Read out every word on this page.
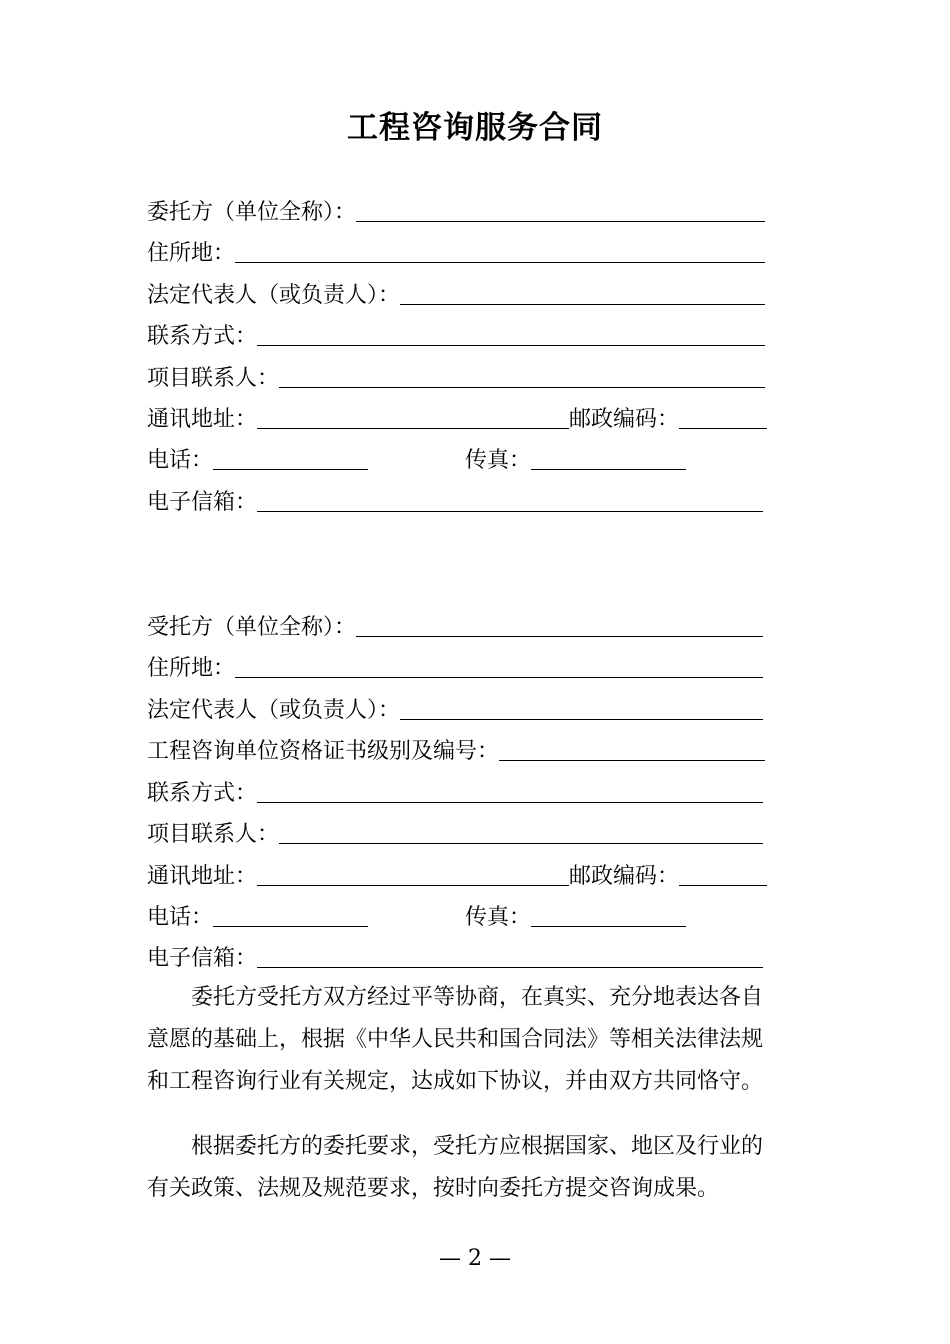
工程咨询服务合同
委托方（单位全称）：
住所地：
法定代表人（或负责人）：
联系方式：
项目联系人：
通讯地址：	邮政编码：
电话：	传真：
电子信箱：
受托方（单位全称）：
住所地：
法定代表人（或负责人）：
工程咨询单位资格证书级别及编号：
联系方式：
项目联系人：
通讯地址：	邮政编码：
电话：	传真：
电子信箱：
委托方受托方双方经过平等协商，在真实、充分地表达各自
意愿的基础上，根据《中华人民共和国合同法》等相关法律法规
和工程咨询行业有关规定，达成如下协议，并由双方共同恪守。
根据委托方的委托要求，受托方应根据国家、地区及行业的
有关政策、法规及规范要求，按时向委托方提交咨询成果。
— 2 —
